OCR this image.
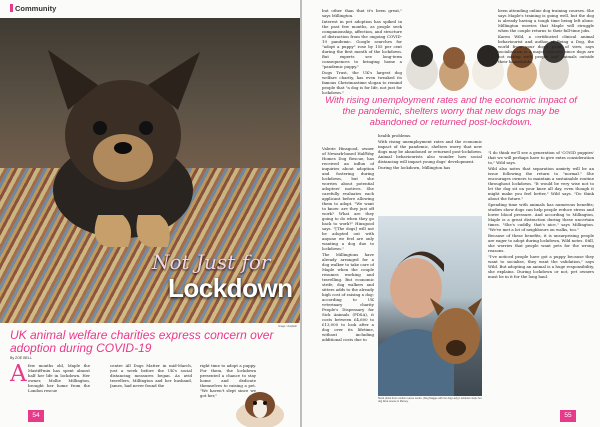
Community
Not Just for
Lockdown
Image: Unsplash
UK animal welfare charities express concern over adoption during COVID-19
By ZOE BELL
A few months old, Maple the Mastiff-mix has spent almost half her life in lockdown. Her owner, Mollie Millington, brought her home from the London rescue

centre All Dogs Matter in mid-March, just a week before the UK's social distancing measures began. As avid travellers, Millington and her husband, James, had never found the

right time to adopt a puppy. For them, the lockdown presented a chance to stay home and dedicate themselves to raising a pet. "We haven't slept since we got her,"

54

but other than that it's been great," says Millington.

Interest in pet adoption has spiked in the past few months, as people seek companionship, affection, and structure of distraction from the ongoing COVID-19 pandemic. Google searches for "adopt a puppy" rose by 155 per cent during the first month of the lockdown. But experts see long-term consequences to bringing home a "pandemic puppy."

Dogs Trust, the UK's largest dog welfare charity, has even tweaked its famous Christmastime slogan to remind people that "a dog is for life, not just for lockdown."

Valerie Hinsgood, owner of Newark-based HalfWay Homes Dog Rescue, has received an influx of inquiries about adoption and fostering during lockdown, but she worries about potential adopters' motives. She carefully evaluates each applicant before allowing them to adopt. "We want to know: are they just off work? What are they going to do when they go back to work?" Hinsgood says. "[The dogs] will not be adopted out with anyone we feel are only wanting a dog due to lockdown."

The Millingtons have already arranged for a dog walker to take care of Maple when the couple resumes working and travelling. But economic strife, dog walkers and sitters adds to the already high cost of raising a dog: according to UK veterinary charity People's Dispensary for Sick Animals (PDSA), it costs between £4,600 to £13,000 to look after a dog over its lifetime, without including additional costs due to

With rising unemployment rates and the economic impact of the pandemic, shelters worry that new dogs may be abandoned or returned post-lockdown.

health problems.

With rising unemployment rates and the economic impact of the pandemic, shelters worry that new dogs may be abandoned or returned post-lockdown. Animal behaviourists also wonder how social distancing will impact young dogs' development.

During the lockdown, Millington has

Stock photo from London rescue centre. (Dog Maggie with her dog Lady) Lockdown stops her dog Dora rescue in Mersey.

been attending online dog training courses. She says Maple's training is going well, but the dog is already having a tough time being left alone. Millington worries that Maple will struggle when the couple returns to their full-time jobs.

Karen Wild, a certificated clinical animal behaviourist and author of Being a Dog, the world from your dog's point of view, says socialisation is a major concern, since dogs are not mixing with people and animals outside their households.

"I do think we'll see a generation of 'COVID puppies' that we will perhaps have to give extra consideration to," Wild says.

Wild also notes that separation anxiety will be an issue following the return to "normal." She encourages owners to maintain a sustainable routine throughout lockdown. "It would be very wise not to let the dog sit on your knee all day, even though it might make you feel better," Wild says. "Do think about the future."

Spending time with animals has numerous benefits; studies show dogs can help people reduce stress and lower blood pressure. And according to Millington, Maple is a great distraction during these uncertain times. "She's cuddly, that's nice," says Millington. "We've met a lot of neighbours on walks, too."

Because of these benefits, it is unsurprising people are eager to adopt during lockdown, Wild notes. Still, she worries that people want pets for the wrong reasons.

"I've noticed people have got a puppy because they want to socialise, they want the validation," says Wild. But adopting an animal is a huge responsibility, she explains. During lockdown or not, pet owners must be in it for the long haul.

55
